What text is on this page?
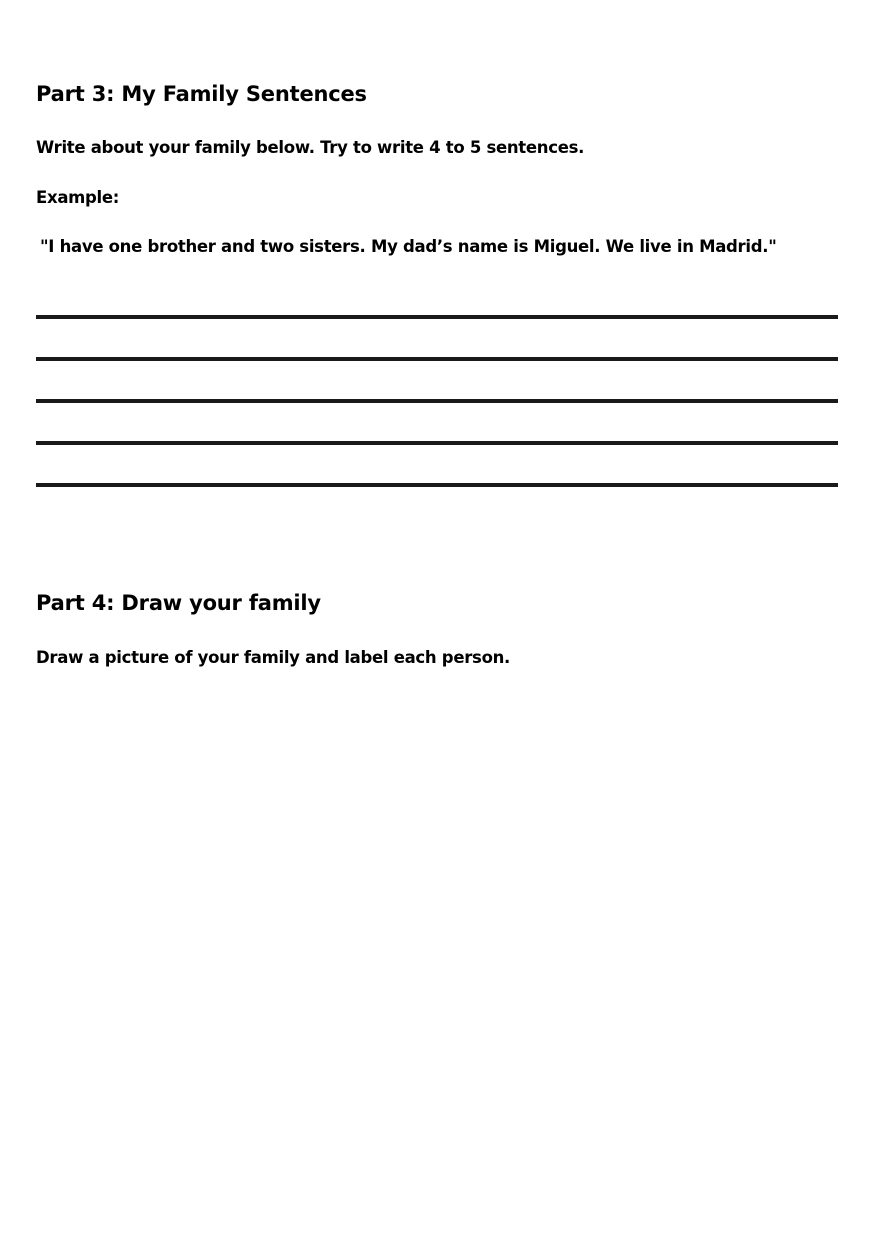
Part 3: My Family Sentences

Write about your family below. Try to write 4 to 5 sentences.

Example:

"I have one brother and two sisters. My dad’s name is Miguel. We live in Madrid."

Part 4: Draw your family

Draw a picture of your family and label each person.
